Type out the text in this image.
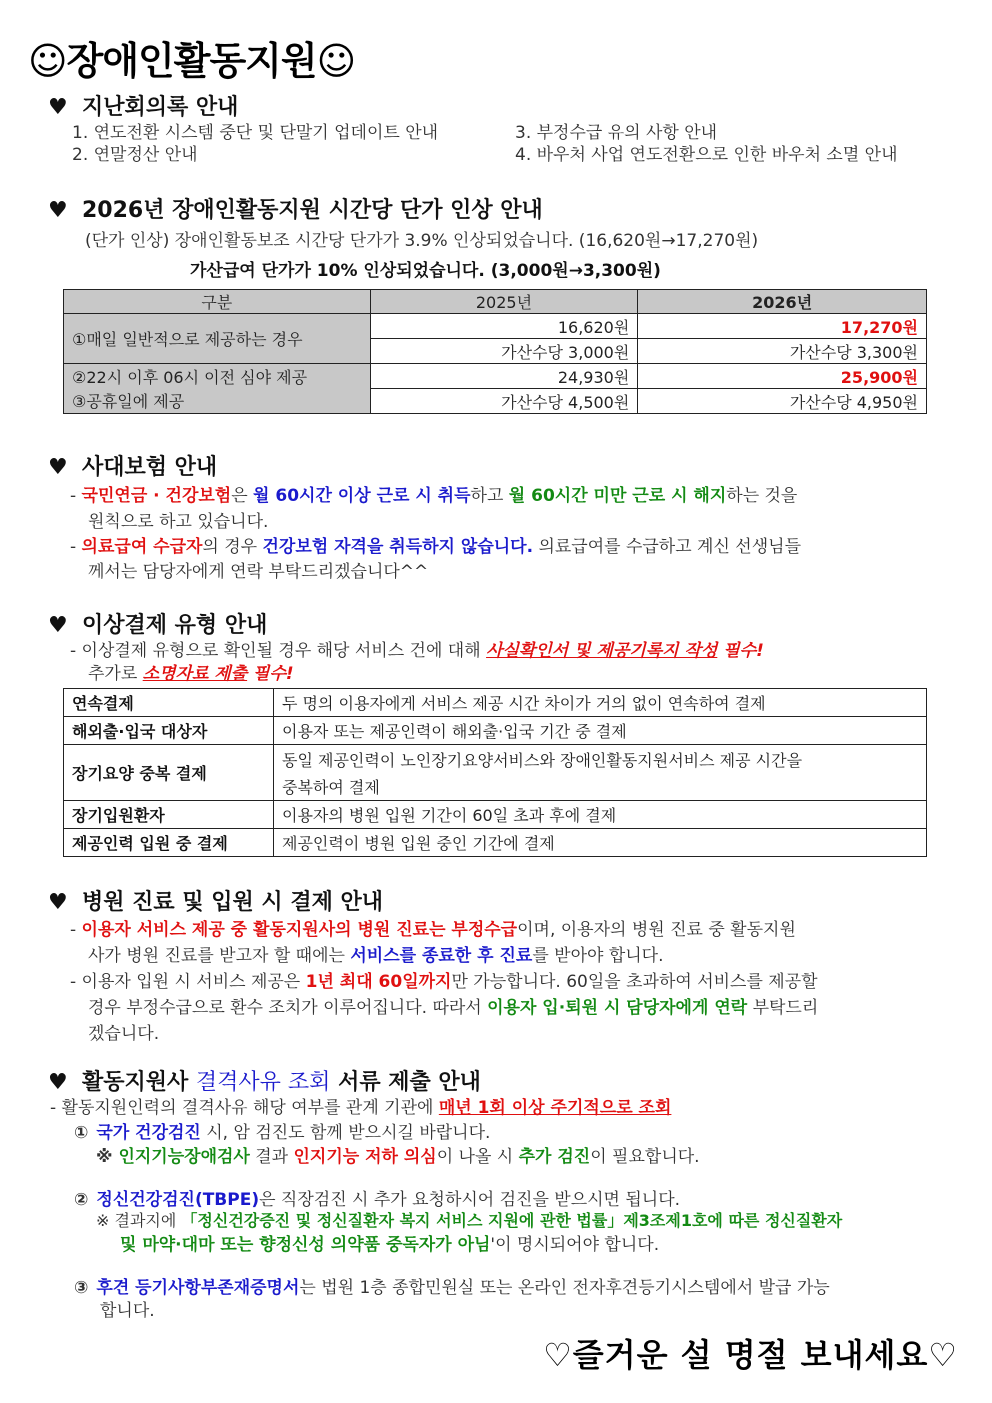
☺장애인활동지원☺
♥ 지난회의록 안내
1. 연도전환 시스템 중단 및 단말기 업데이트 안내
2. 연말정산 안내
3. 부정수급 유의 사항 안내
4. 바우처 사업 연도전환으로 인한 바우처 소멸 안내
♥ 2026년 장애인활동지원 시간당 단가 인상 안내
(단가 인상) 장애인활동보조 시간당 단가가 3.9% 인상되었습니다. (16,620원→17,270원)
가산급여 단가가 10% 인상되었습니다. (3,000원→3,300원)
구분	2025년	2026년
①매일 일반적으로 제공하는 경우	16,620원	17,270원
	가산수당 3,000원	가산수당 3,300원
②22시 이후 06시 이전 심야 제공	24,930원	25,900원
③공휴일에 제공	가산수당 4,500원	가산수당 4,950원
♥ 사대보험 안내
- 국민연금 · 건강보험은 월 60시간 이상 근로 시 취득하고 월 60시간 미만 근로 시 해지하는 것을
원칙으로 하고 있습니다.
- 의료급여 수급자의 경우 건강보험 자격을 취득하지 않습니다. 의료급여를 수급하고 계신 선생님들
께서는 담당자에게 연락 부탁드리겠습니다^^
♥ 이상결제 유형 안내
- 이상결제 유형으로 확인될 경우 해당 서비스 건에 대해 사실확인서 및 제공기록지 작성 필수!
추가로 소명자료 제출 필수!
연속결제	두 명의 이용자에게 서비스 제공 시간 차이가 거의 없이 연속하여 결제
해외출·입국 대상자	이용자 또는 제공인력이 해외출·입국 기간 중 결제
장기요양 중복 결제	동일 제공인력이 노인장기요양서비스와 장애인활동지원서비스 제공 시간을
중복하여 결제

장기입원환자	이용자의 병원 입원 기간이 60일 초과 후에 결제
제공인력 입원 중 결제	제공인력이 병원 입원 중인 기간에 결제
♥ 병원 진료 및 입원 시 결제 안내
- 이용자 서비스 제공 중 활동지원사의 병원 진료는 부정수급이며, 이용자의 병원 진료 중 활동지원
사가 병원 진료를 받고자 할 때에는 서비스를 종료한 후 진료를 받아야 합니다.
- 이용자 입원 시 서비스 제공은 1년 최대 60일까지만 가능합니다. 60일을 초과하여 서비스를 제공할
경우 부정수급으로 환수 조치가 이루어집니다. 따라서 이용자 입·퇴원 시 담당자에게 연락 부탁드리
겠습니다.
♥ 활동지원사 결격사유 조회 서류 제출 안내
- 활동지원인력의 결격사유 해당 여부를 관계 기관에 매년 1회 이상 주기적으로 조회
① 국가 건강검진 시, 암 검진도 함께 받으시길 바랍니다.
※ 인지기능장애검사 결과 인지기능 저하 의심이 나올 시 추가 검진이 필요합니다.
② 정신건강검진(TBPE)은 직장검진 시 추가 요청하시어 검진을 받으시면 됩니다.
※ 결과지에 「정신건강증진 및 정신질환자 복지 서비스 지원에 관한 법률」제3조제1호에 따른 정신질환자
및 마약·대마 또는 향정신성 의약품 중독자가 아님'이 명시되어야 합니다.
③ 후견 등기사항부존재증명서는 법원 1층 종합민원실 또는 온라인 전자후견등기시스템에서 발급 가능
합니다.
♡즐거운 설 명절 보내세요♡
